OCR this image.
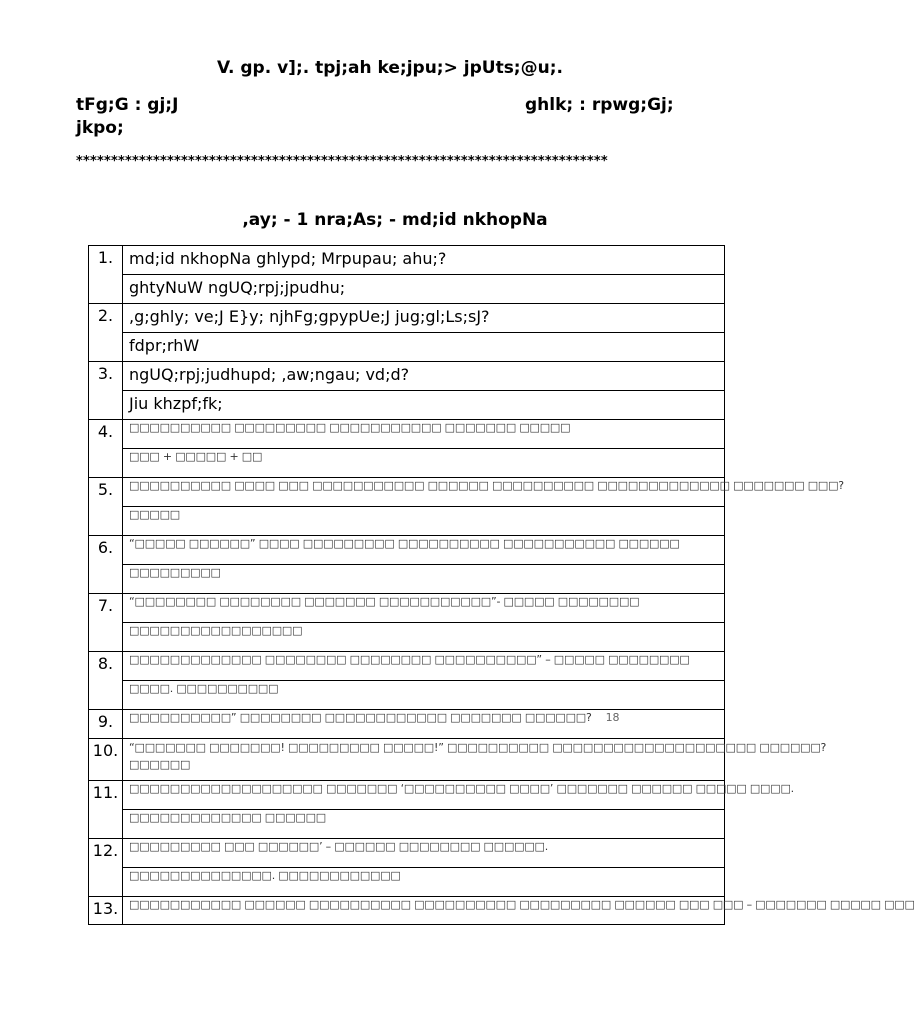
V. gp. v];. tpj;ah ke;jpu;> jpUts;@u;.
tFg;G : gj;J jkpo;
ghlk; : rpwg;Gj;
****************************************************************************
,ay; - 1 nra;As; - md;id nkhopNa
1.	md;id nkhopNa ghlypd; Mrpupau; ahu;?
	ghtyNuW ngUQ;rpj;jpudhu;
2.	,g;ghly; ve;J E}y; njhFg;gpypUe;J jug;gl;Ls;sJ?
	fdpr;rhW
3.	ngUQ;rpj;judhupd; ,aw;ngau; vd;d?
	Jiu khzpf;fk;
4.	□□□□□□□□□□ □□□□□□□□□ □□□□□□□□□□□ □□□□□□□ □□□□□
	□□□ + □□□□□ + □□
5.	□□□□□□□□□□ □□□□ □□□ □□□□□□□□□□□ □□□□□□ □□□□□□□□□□ □□□□□□□□□□□□□ □□□□□□□ □□□?
	□□□□□
6.	“□□□□□ □□□□□□” □□□□ □□□□□□□□□ □□□□□□□□□□ □□□□□□□□□□□ □□□□□□
	□□□□□□□□□
7.	“□□□□□□□□ □□□□□□□□ □□□□□□□ □□□□□□□□□□□”- □□□□□ □□□□□□□□
	□□□□□□□□□□□□□□□□□
8.	□□□□□□□□□□□□□ □□□□□□□□ □□□□□□□□ □□□□□□□□□□” – □□□□□ □□□□□□□□
	□□□□. □□□□□□□□□□
9.	□□□□□□□□□□” □□□□□□□□ □□□□□□□□□□□□ □□□□□□□ □□□□□□? 18
10.	“□□□□□□□ □□□□□□□! □□□□□□□□□ □□□□□!” □□□□□□□□□□ □□□□□□□□□□□□□□□□□□□□ □□□□□□?
□□□□□□

11.	□□□□□□□□□□□□□□□□□□□ □□□□□□□ ‘□□□□□□□□□□ □□□□’ □□□□□□□ □□□□□□ □□□□□ □□□□.
	□□□□□□□□□□□□□ □□□□□□
12.	□□□□□□□□□ □□□ □□□□□□’ – □□□□□□ □□□□□□□□ □□□□□□.
	□□□□□□□□□□□□□□. □□□□□□□□□□□□
13.	□□□□□□□□□□□ □□□□□□ □□□□□□□□□□ □□□□□□□□□□ □□□□□□□□□ □□□□□□ □□□ □□□ – □□□□□□□ □□□□□ □□□
